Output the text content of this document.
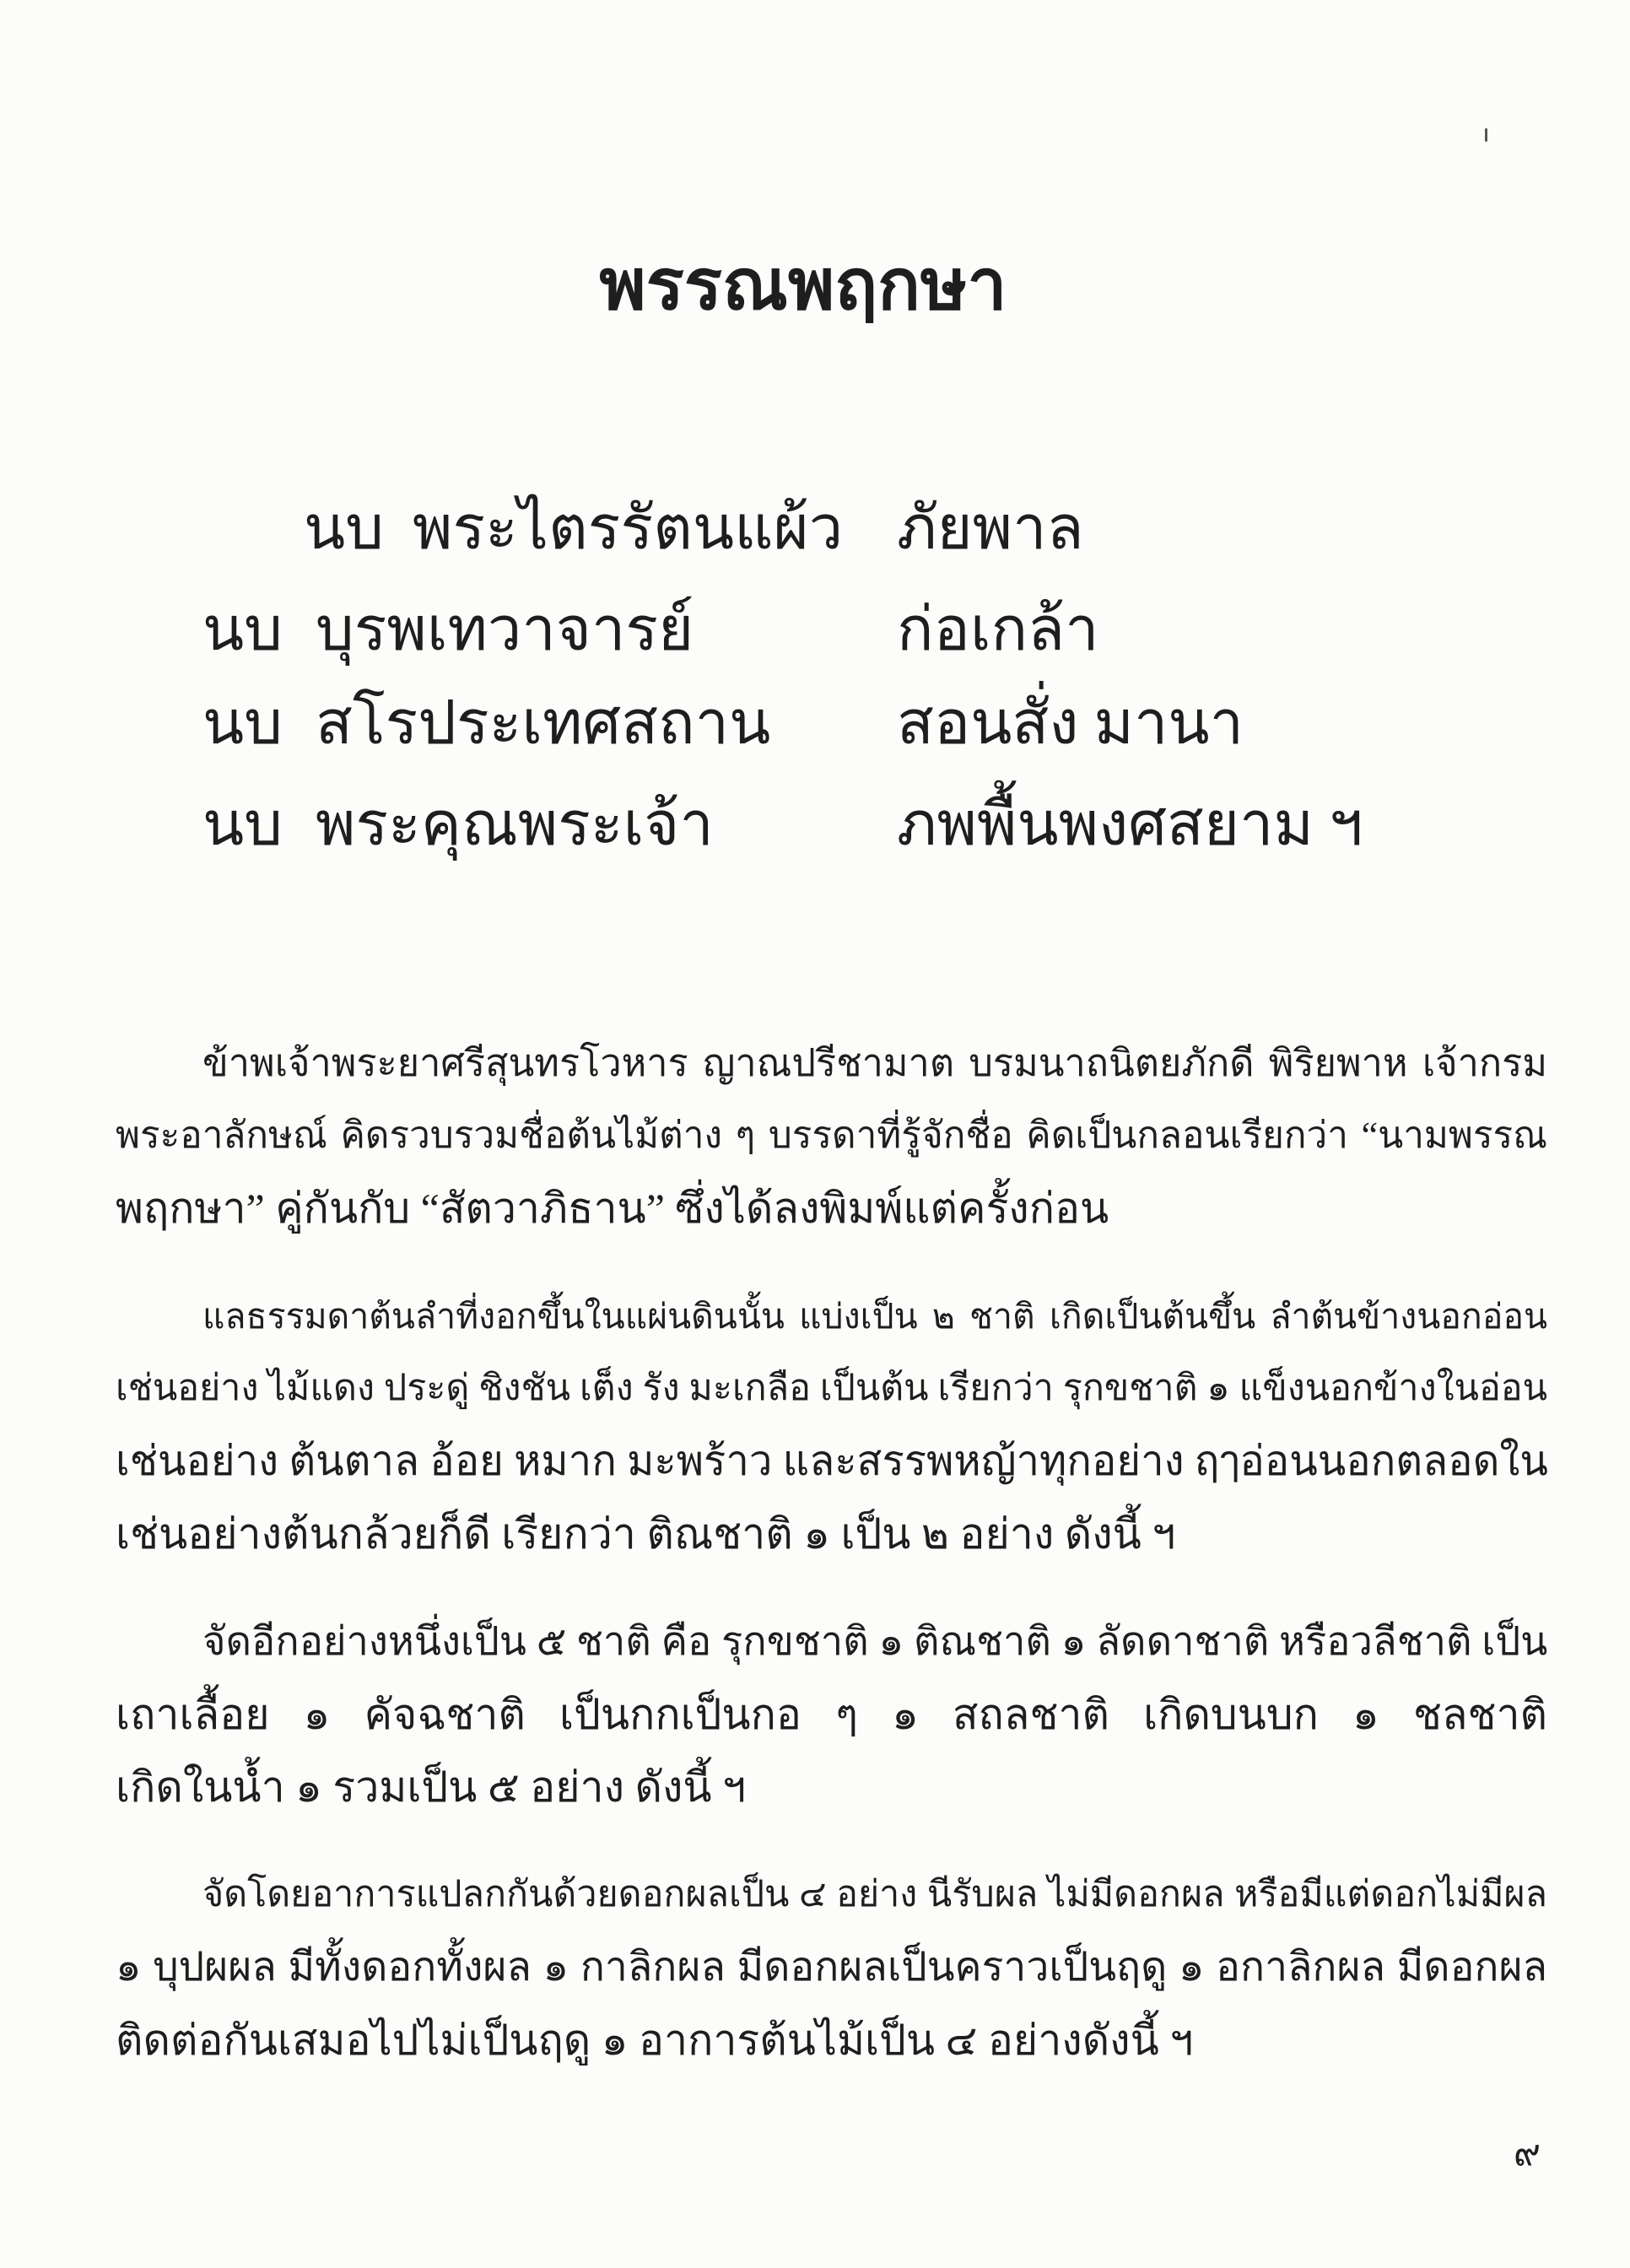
พรรณพฤกษา
นบ พระไตรรัตนแผ้ว ภัยพาล
นบ บุรพเทวาจารย์	ก่อเกล้า
นบ สโรประเทศสถาน	สอนสั่ง มานา
นบ พระคุณพระเจ้า	ภพพื้นพงศสยาม ฯ
ข้าพเจ้าพระยาศรีสุนทรโวหาร ญาณปรีชามาต บรมนาถนิตยภักดี พิริยพาห เจ้ากรม
พระอาลักษณ์ คิดรวบรวมชื่อต้นไม้ต่าง ๆ บรรดาที่รู้จักชื่อ คิดเป็นกลอนเรียกว่า “นามพรรณ
พฤกษา” คู่กันกับ “สัตวาภิธาน” ซึ่งได้ลงพิมพ์แต่ครั้งก่อน
แลธรรมดาต้นลำที่งอกขึ้นในแผ่นดินนั้น แบ่งเป็น ๒ ชาติ เกิดเป็นต้นขึ้น ลำต้นข้างนอกอ่อน
เช่นอย่าง ไม้แดง ประดู่ ชิงชัน เต็ง รัง มะเกลือ เป็นต้น เรียกว่า รุกขชาติ ๑ แข็งนอกข้างในอ่อน
เช่นอย่าง ต้นตาล อ้อย หมาก มะพร้าว และสรรพหญ้าทุกอย่าง ฤๅอ่อนนอกตลอดใน
เช่นอย่างต้นกล้วยก็ดี เรียกว่า ติณชาติ ๑ เป็น ๒ อย่าง ดังนี้ ฯ
จัดอีกอย่างหนึ่งเป็น ๕ ชาติ คือ รุกขชาติ ๑ ติณชาติ ๑ ลัดดาชาติ หรือวลีชาติ เป็น
เถาเลื้อย ๑ คัจฉชาติ เป็นกกเป็นกอ ๆ ๑ สถลชาติ เกิดบนบก ๑ ชลชาติ
เกิดในน้ำ ๑ รวมเป็น ๕ อย่าง ดังนี้ ฯ
จัดโดยอาการแปลกกันด้วยดอกผลเป็น ๔ อย่าง นีรับผล ไม่มีดอกผล หรือมีแต่ดอกไม่มีผล
๑ บุปผผล มีทั้งดอกทั้งผล ๑ กาลิกผล มีดอกผลเป็นคราวเป็นฤดู ๑ อกาลิกผล มีดอกผล
ติดต่อกันเสมอไปไม่เป็นฤดู ๑ อาการต้นไม้เป็น ๔ อย่างดังนี้ ฯ
๙
